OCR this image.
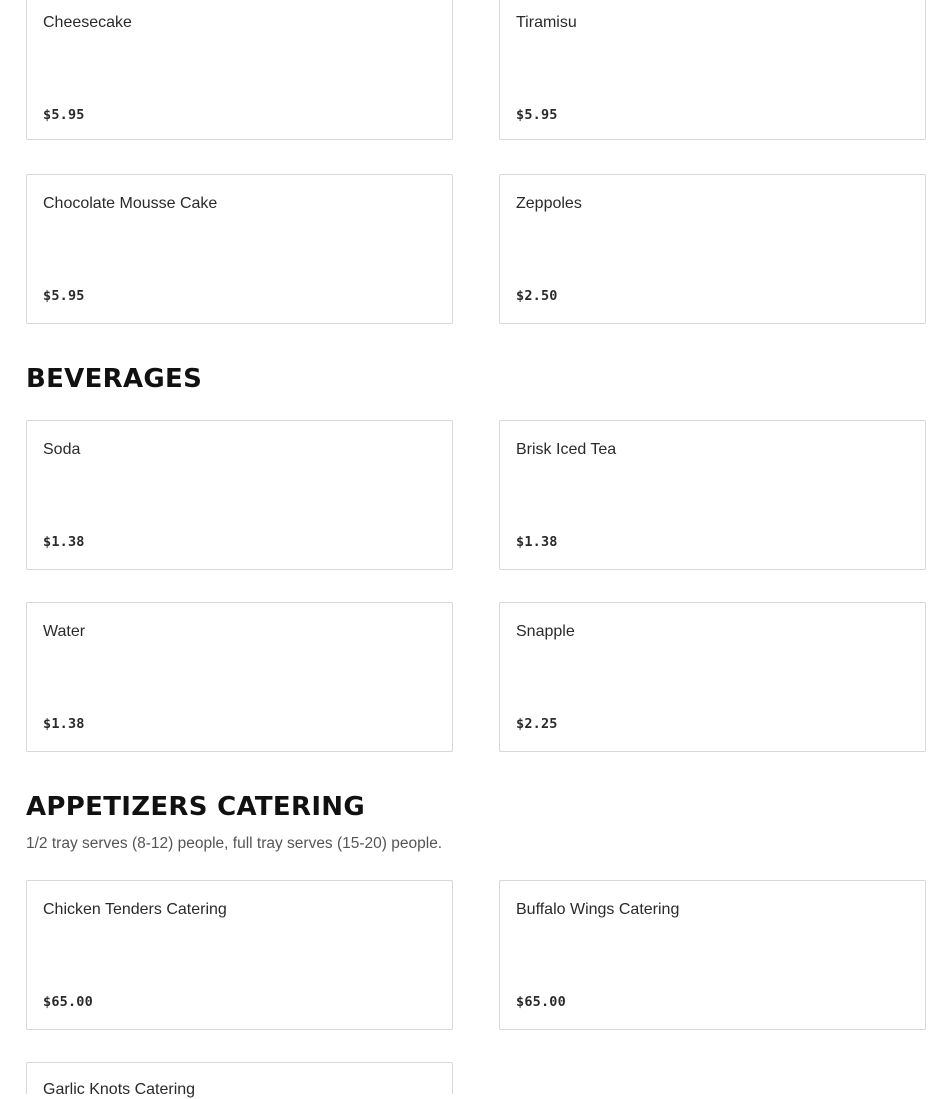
Cheesecake
$5.95
Tiramisu
$5.95
Chocolate Mousse Cake
$5.95
Zeppoles
$2.50
BEVERAGES
Soda
$1.38
Brisk Iced Tea
$1.38
Water
$1.38
Snapple
$2.25
APPETIZERS CATERING

1/2 tray serves (8-12) people, full tray serves (15-20) people.

Chicken Tenders Catering
$65.00
Buffalo Wings Catering
$65.00
Garlic Knots Catering
